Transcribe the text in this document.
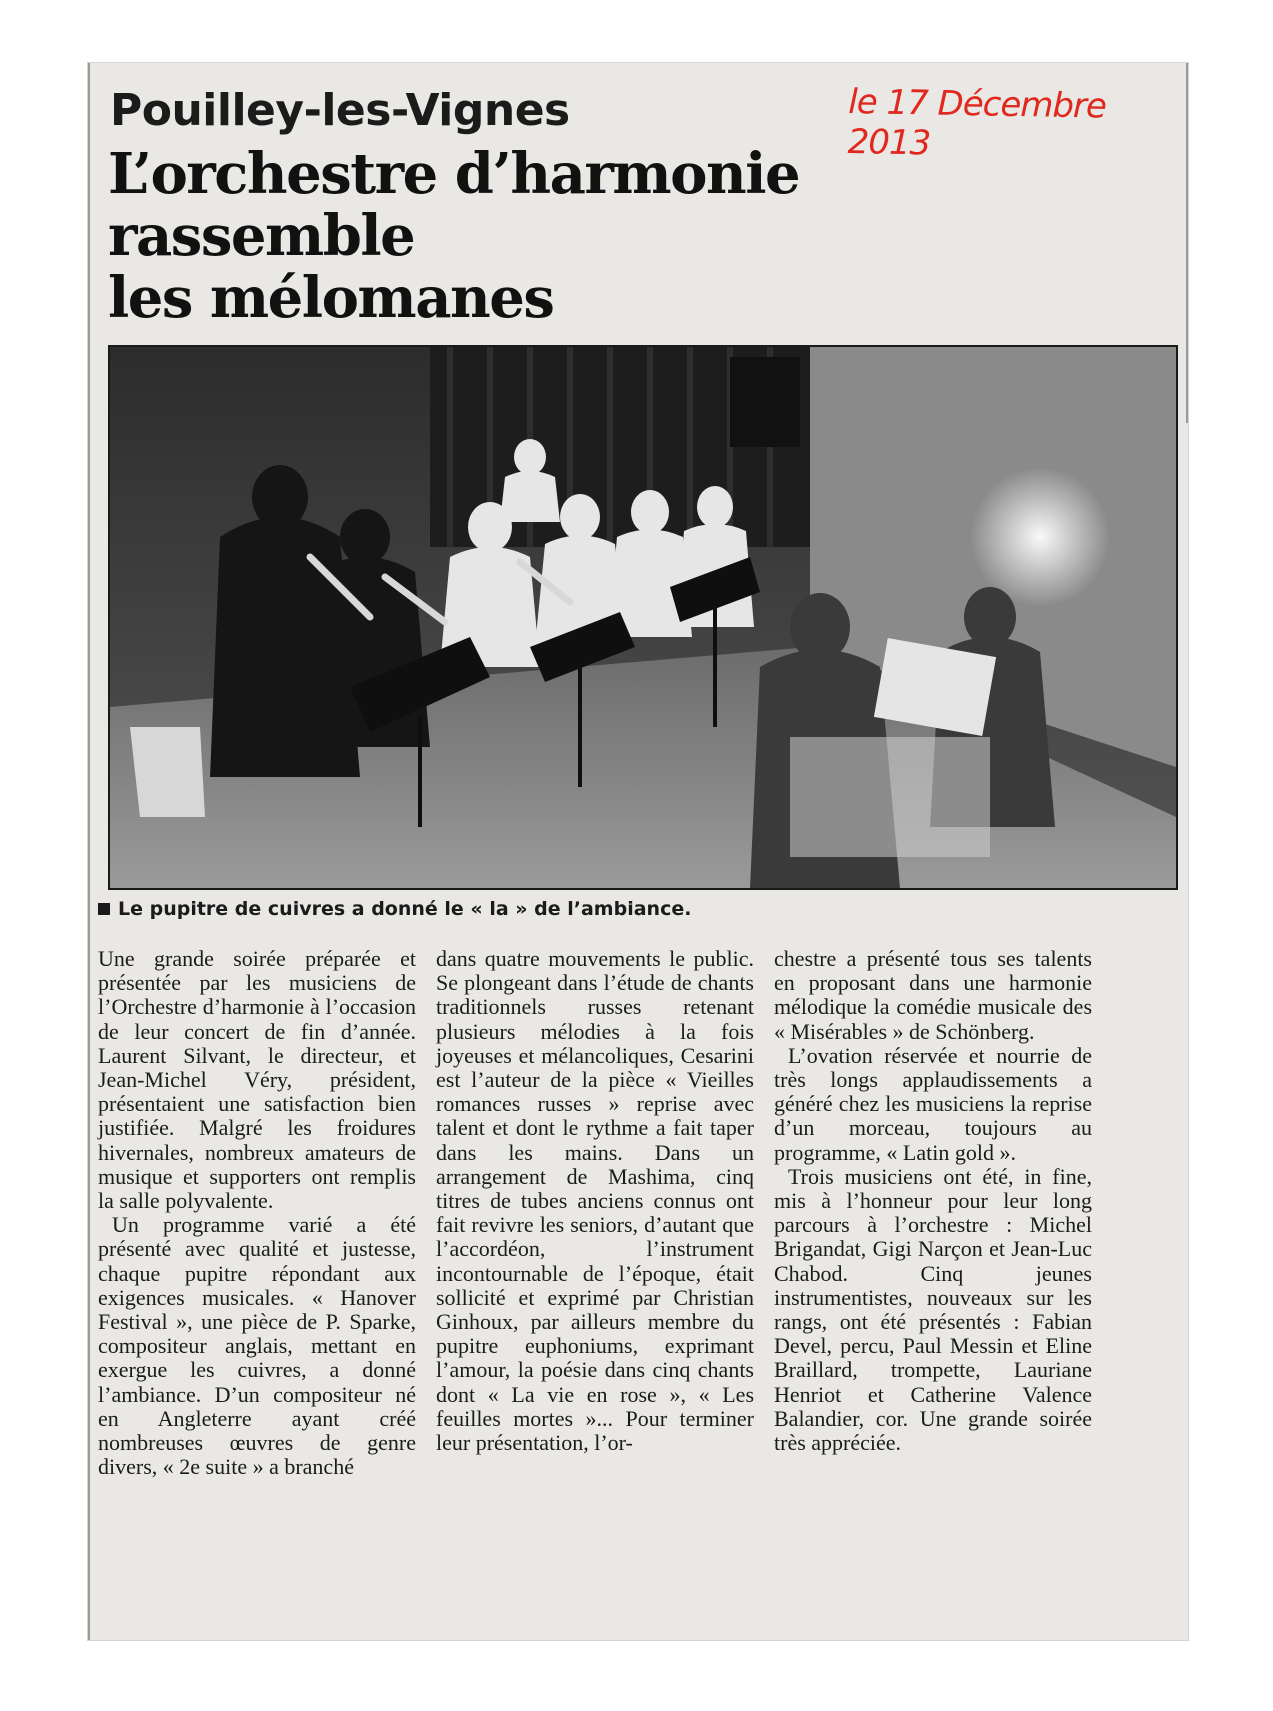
Pouilley-les-Vignes	le 17 Décembre 2013
L’orchestre d’harmonie rassemble
les mélomanes
Le pupitre de cuivres a donné le « la » de l’ambiance.

Une grande soirée préparée et présentée par les musiciens de l’Orchestre d’harmonie à l’occasion de leur concert de fin d’année. Laurent Silvant, le directeur, et Jean-Michel Véry, président, présentaient une satisfaction bien justifiée. Malgré les froidures hivernales, nombreux amateurs de musique et supporters ont remplis la salle polyvalente.

Un programme varié a été présenté avec qualité et justesse, chaque pupitre répondant aux exigences musicales. « Hanover Festival », une pièce de P. Sparke, compositeur anglais, mettant en exergue les cuivres, a donné l’ambiance. D’un compositeur né en Angleterre ayant créé nombreuses œuvres de genre divers, « 2e suite » a branché

dans quatre mouvements le public. Se plongeant dans l’étude de chants traditionnels russes retenant plusieurs mélodies à la fois joyeuses et mélancoliques, Cesarini est l’auteur de la pièce « Vieilles romances russes » reprise avec talent et dont le rythme a fait taper dans les mains. Dans un arrangement de Mashima, cinq titres de tubes anciens connus ont fait revivre les seniors, d’autant que l’accordéon, l’instrument incontournable de l’époque, était sollicité et exprimé par Christian Ginhoux, par ailleurs membre du pupitre euphoniums, exprimant l’amour, la poésie dans cinq chants dont « La vie en rose », « Les feuilles mortes »... Pour terminer leur présentation, l’or-

chestre a présenté tous ses talents en proposant dans une harmonie mélodique la comédie musicale des « Misérables » de Schönberg.

L’ovation réservée et nourrie de très longs applaudissements a généré chez les musiciens la reprise d’un morceau, toujours au programme, « Latin gold ».

Trois musiciens ont été, in fine, mis à l’honneur pour leur long parcours à l’orchestre : Michel Brigandat, Gigi Narçon et Jean-Luc Chabod. Cinq jeunes instrumentistes, nouveaux sur les rangs, ont été présentés : Fabian Devel, percu, Paul Messin et Eline Braillard, trompette, Lauriane Henriot et Catherine Valence Balandier, cor. Une grande soirée très appréciée.
